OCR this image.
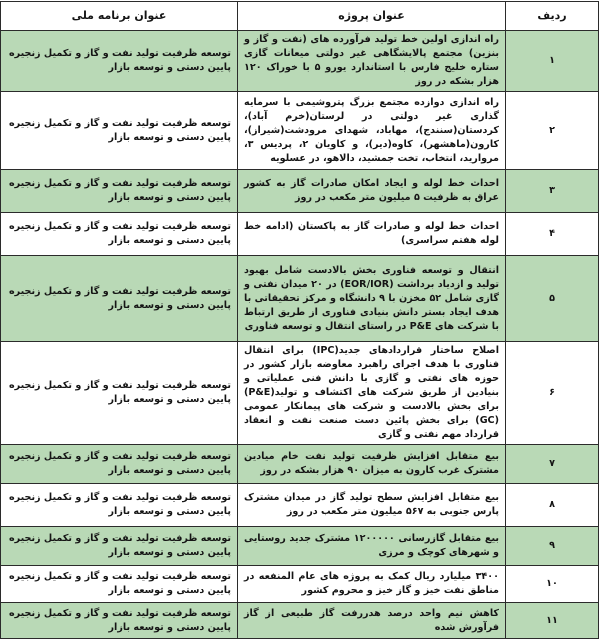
ردیف	عنوان پروژه	عنوان برنامه ملی
۱	راه اندازی اولین خط تولید فرآورده های (نفت و گاز و بنزین) مجتمع پالایشگاهی غیر دولتی میعانات گازی ستاره خلیج فارس با استاندارد یورو ۵ با خوراک ۱۲۰ هزار بشکه در روز	توسعه ظرفیت تولید نفت و گاز و تکمیل زنجیره پایین دستی و توسعه بازار
۲	راه اندازی دوازده مجتمع بزرگ پتروشیمی با سرمایه گذاری غیر دولتی در لرستان(خرم آباد)، کردستان(سنندج)، مهاباد، شهدای مرودشت(شیراز)، کارون(ماهشهر)، کاوه(دیر)، و کاویان ۲، پردیس ۳، مروارید، انتخاب، تخت جمشید، دالاهو، در عسلویه	توسعه ظرفیت تولید نفت و گاز و تکمیل زنجیره پایین دستی و توسعه بازار
۳	احداث خط لوله و ایجاد امکان صادرات گاز به کشور عراق به ظرفیت ۵ میلیون متر مکعب در روز	توسعه ظرفیت تولید نفت و گاز و تکمیل زنجیره پایین دستی و توسعه بازار
۴	احداث خط لوله و صادرات گاز به پاکستان (ادامه خط لوله هفتم سراسری)	توسعه ظرفیت تولید نفت و گاز و تکمیل زنجیره پایین دستی و توسعه بازار
۵	انتقال و توسعه فناوری بخش بالادست شامل بهبود تولید و ازدیاد برداشت (EOR/IOR) در ۲۰ میدان نفتی و گازی شامل ۵۲ مخزن با ۹ دانشگاه و مرکز تحقیقاتی با هدف ایجاد بستر دانش بنیادی فناوری از طریق ارتباط با شرکت های P&E در راستای انتقال و توسعه فناوری	توسعه ظرفیت تولید نفت و گاز و تکمیل زنجیره پایین دستی و توسعه بازار
۶	اصلاح ساختار قراردادهای جدید(IPC) برای انتقال فناوری با هدف اجرای راهبرد معاوضه بازار کشور در حوزه های نفتی و گازی با دانش فنی عملیاتی و بنیادین از طریق شرکت های اکتشاف و تولید(P&E) برای بخش بالادست و شرکت های پیمانکار عمومی (GC) برای بخش پائین دست صنعت نفت و انعقاد قرارداد مهم نفتی و گازی	توسعه ظرفیت تولید نفت و گاز و تکمیل زنجیره پایین دستی و توسعه بازار
۷	بیع متقابل افزایش ظرفیت تولید نفت خام میادین مشترک غرب کارون به میزان ۹۰ هزار بشکه در روز	توسعه ظرفیت تولید نفت و گاز و تکمیل زنجیره پایین دستی و توسعه بازار
۸	بیع متقابل افزایش سطح تولید گاز در میدان مشترک پارس جنوبی به ۵۶۷ میلیون متر مکعب در روز	توسعه ظرفیت تولید نفت و گاز و تکمیل زنجیره پایین دستی و توسعه بازار
۹	بیع متقابل گازرسانی ۱۲۰۰۰۰۰ مشترک جدید روستایی و شهرهای کوچک و مرزی	توسعه ظرفیت تولید نفت و گاز و تکمیل زنجیره پایین دستی و توسعه بازار
۱۰	۳۴۰۰ میلیارد ریال کمک به پروژه های عام المنفعه در مناطق نفت خیز و گاز خیز و محروم کشور	توسعه ظرفیت تولید نفت و گاز و تکمیل زنجیره پایین دستی و توسعه بازار
۱۱	کاهش نیم واحد درصد هدررفت گاز طبیعی از گاز فرآورش شده	توسعه ظرفیت تولید نفت و گاز و تکمیل زنجیره پایین دستی و توسعه بازار
